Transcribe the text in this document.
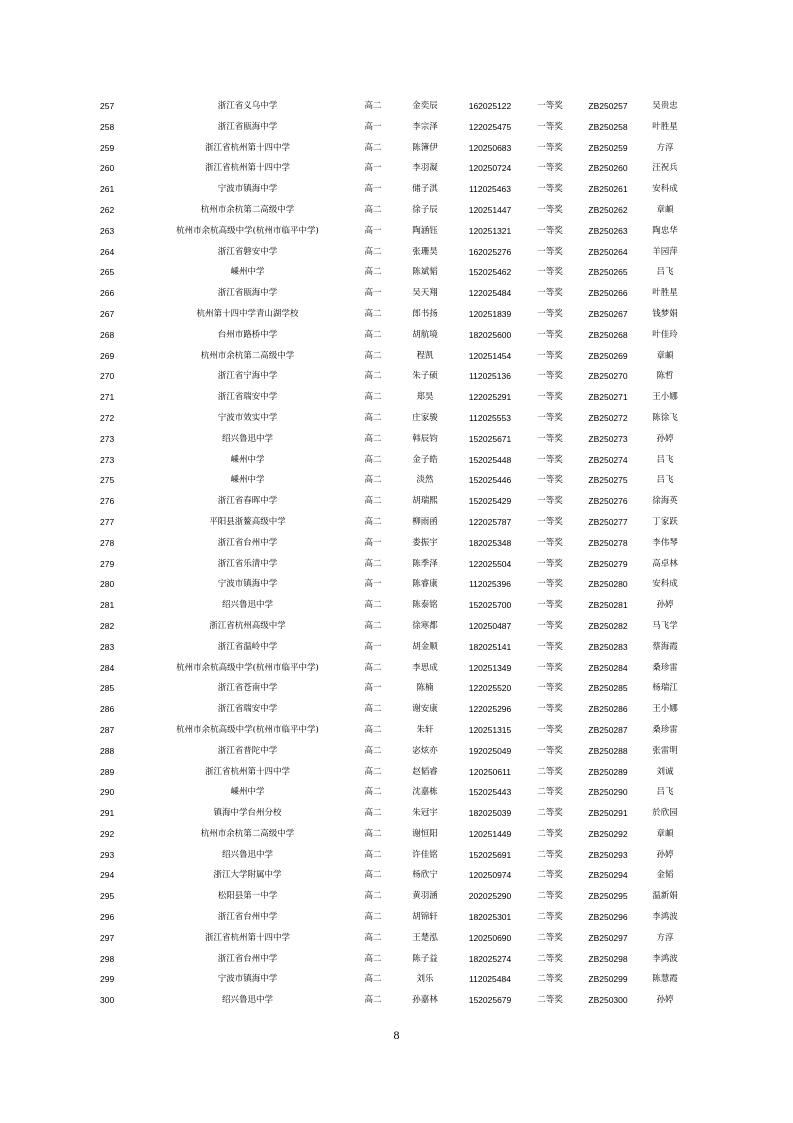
257	浙江省义乌中学	高二	金奕辰	162025122	一等奖	ZB250257	吴贵忠
258	浙江省瓯海中学	高一	李宗泽	122025475	一等奖	ZB250258	叶胜星
259	浙江省杭州第十四中学	高二	陈簿伊	120250683	一等奖	ZB250259	方淳
260	浙江省杭州第十四中学	高一	李羽凝	120250724	一等奖	ZB250260	汪祝兵
261	宁波市镇海中学	高一	储子淇	112025463	一等奖	ZB250261	安科成
262	杭州市余杭第二高级中学	高二	徐子辰	120251447	一等奖	ZB250262	章頔
263	杭州市余杭高级中学(杭州市临平中学)	高一	陶涵钰	120251321	一等奖	ZB250263	陶忠华
264	浙江省磐安中学	高二	张珊昊	162025276	一等奖	ZB250264	羊园萍
265	嵊州中学	高二	陈斌韬	152025462	一等奖	ZB250265	吕飞
266	浙江省瓯海中学	高一	吴天翔	122025484	一等奖	ZB250266	叶胜星
267	杭州第十四中学青山湖学校	高二	郎书扬	120251839	一等奖	ZB250267	钱梦娟
268	台州市路桥中学	高二	胡航境	182025600	一等奖	ZB250268	叶佳玲
269	杭州市余杭第二高级中学	高二	程凯	120251454	一等奖	ZB250269	章頔
270	浙江省宁海中学	高二	朱子硕	112025136	一等奖	ZB250270	陈哲
271	浙江省瑞安中学	高二	郑昊	122025291	一等奖	ZB250271	王小娜
272	宁波市效实中学	高二	庄家骏	112025553	一等奖	ZB250272	陈徐飞
273	绍兴鲁迅中学	高二	韩辰钧	152025671	一等奖	ZB250273	孙婷
273	嵊州中学	高二	金子皓	152025448	一等奖	ZB250274	吕飞
275	嵊州中学	高二	淡然	152025446	一等奖	ZB250275	吕飞
276	浙江省春晖中学	高二	胡瑞熙	152025429	一等奖	ZB250276	徐海英
277	平阳县浙鳌高级中学	高二	柳雨函	122025787	一等奖	ZB250277	丁家跃
278	浙江省台州中学	高一	娄振宇	182025348	一等奖	ZB250278	李伟琴
279	浙江省乐清中学	高二	陈季泽	122025504	一等奖	ZB250279	高卓林
280	宁波市镇海中学	高一	陈睿康	112025396	一等奖	ZB250280	安科成
281	绍兴鲁迅中学	高二	陈泰铭	152025700	一等奖	ZB250281	孙婷
282	浙江省杭州高级中学	高二	徐寒都	120250487	一等奖	ZB250282	马飞学
283	浙江省温岭中学	高一	胡金顺	182025141	一等奖	ZB250283	蔡海霞
284	杭州市余杭高级中学(杭州市临平中学)	高二	李思成	120251349	一等奖	ZB250284	桑珍雷
285	浙江省苍南中学	高一	陈楠	122025520	一等奖	ZB250285	杨瑞江
286	浙江省瑞安中学	高二	谢安康	122025296	一等奖	ZB250286	王小娜
287	杭州市余杭高级中学(杭州市临平中学)	高二	朱轩	120251315	一等奖	ZB250287	桑珍雷
288	浙江省普陀中学	高二	宓炫亦	192025049	一等奖	ZB250288	张雷明
289	浙江省杭州第十四中学	高二	赵韬睿	120250611	二等奖	ZB250289	刘诚
290	嵊州中学	高二	沈嘉栋	152025443	二等奖	ZB250290	吕飞
291	镇海中学台州分校	高二	朱冠宇	182025039	二等奖	ZB250291	於欣园
292	杭州市余杭第二高级中学	高二	谢恒阳	120251449	二等奖	ZB250292	章頔
293	绍兴鲁迅中学	高二	许佳铭	152025691	二等奖	ZB250293	孙婷
294	浙江大学附属中学	高二	杨欣宁	120250974	二等奖	ZB250294	金韬
295	松阳县第一中学	高二	黄羽涵	202025290	二等奖	ZB250295	温新娟
296	浙江省台州中学	高二	胡锦轩	182025301	二等奖	ZB250296	李鸿波
297	浙江省杭州第十四中学	高二	王楚泓	120250690	二等奖	ZB250297	方淳
298	浙江省台州中学	高二	陈子益	182025274	二等奖	ZB250298	李鸿波
299	宁波市镇海中学	高二	刘乐	112025484	二等奖	ZB250299	陈慧霞
300	绍兴鲁迅中学	高二	孙嘉林	152025679	二等奖	ZB250300	孙婷
8
